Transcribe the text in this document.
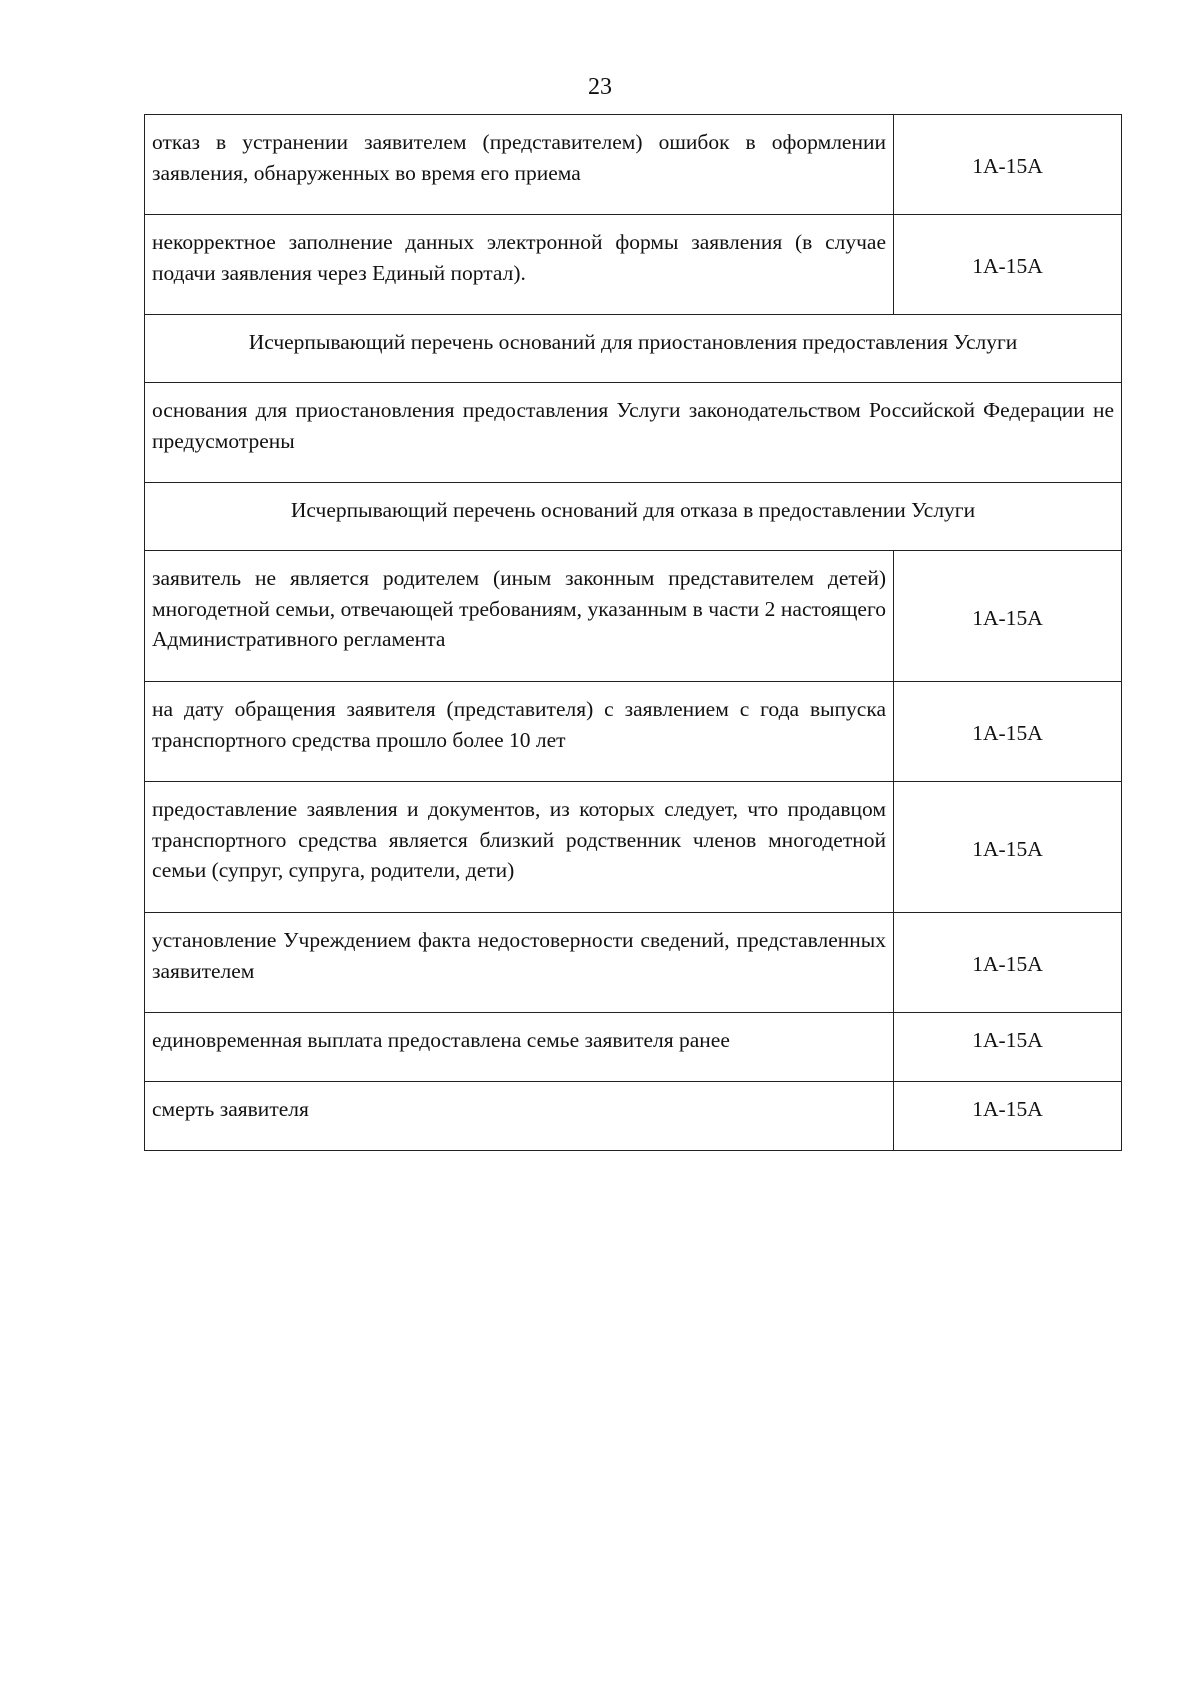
23
отказ в устранении заявителем (представителем) ошибок в оформлении заявления, обнаруженных во время его приема	1А-15А
некорректное заполнение данных электронной формы заявления (в случае подачи заявления через Единый портал).	1А-15А
Исчерпывающий перечень оснований для приостановления предоставления Услуги	
основания для приостановления предоставления Услуги законодательством Российской Федерации не предусмотрены	
Исчерпывающий перечень оснований для отказа в предоставлении Услуги	
заявитель не является родителем (иным законным представителем детей) многодетной семьи, отвечающей требованиям, указанным в части 2 настоящего Административного регламента	1А-15А
на дату обращения заявителя (представителя) с заявлением с года выпуска транспортного средства прошло более 10 лет	1А-15А
предоставление заявления и документов, из которых следует, что продавцом транспортного средства является близкий родственник членов многодетной семьи (супруг, супруга, родители, дети)	1А-15А
установление Учреждением факта недостоверности сведений, представленных заявителем	1А-15А
единовременная выплата предоставлена семье заявителя ранее	1А-15А
смерть заявителя	1А-15А
